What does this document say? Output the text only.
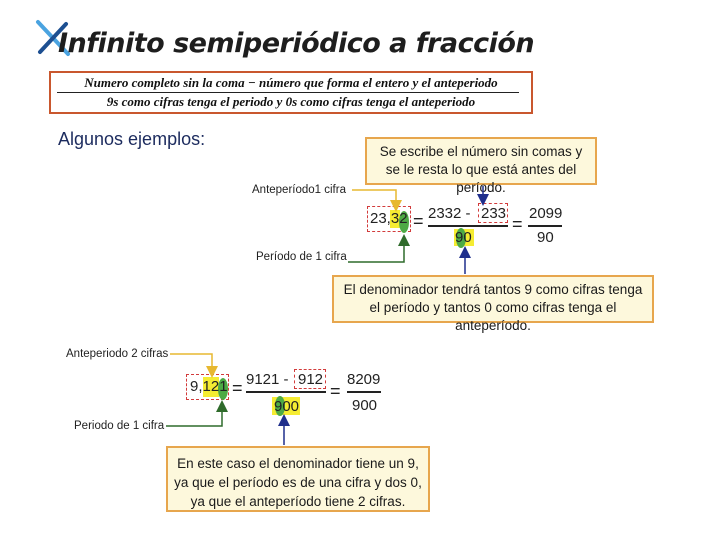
Infinito semiperiódico a fracción
Numero completo sin la coma − número que forma el entero y el anteperiodo
9s como cifras tenga el periodo y 0s como cifras tenga el anteperiodo
Algunos ejemplos:
Se escribe el número sin comas y se le resta lo que está antes del período.
Anteperíodo1 cifra
Período de 1 cifra
23,32 = 2332 - 233
90
=
2099
90
El denominador tendrá tantos 9 como cifras tenga el período y tantos 0 como cifras tenga el anteperíodo.
Anteperiodo 2 cifras
Periodo de 1 cifra
9,121 = 9121 - 912
900
=
8209
900
En este caso el denominador tiene un 9, ya que el período es de una cifra y dos 0, ya que el anteperíodo tiene 2 cifras.
